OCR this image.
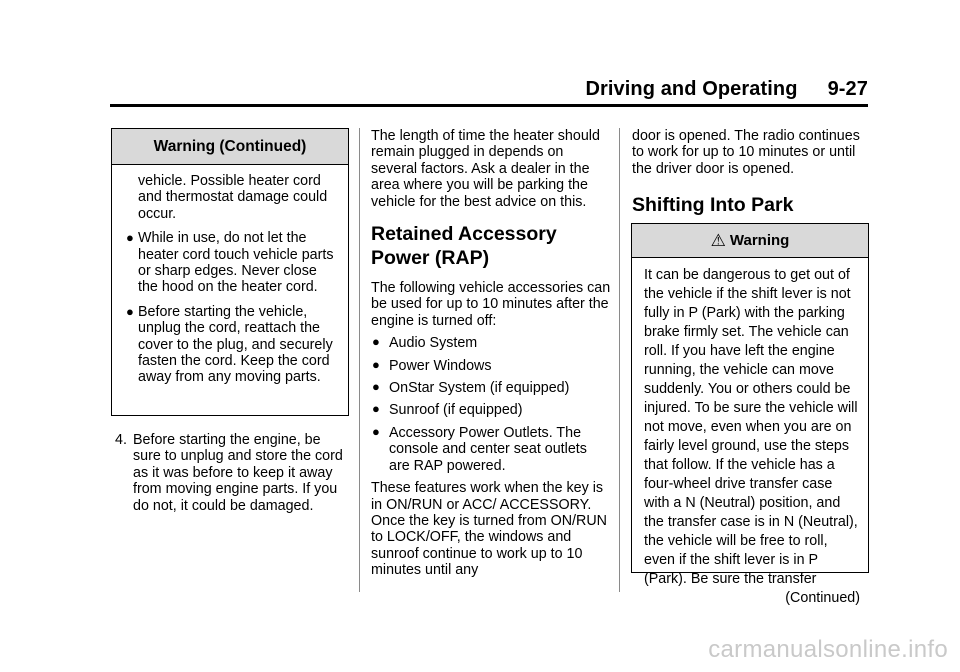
Driving and Operating 9-27
Warning (Continued)

vehicle. Possible heater cord and thermostat damage could occur.

● While in use, do not let the heater cord touch vehicle parts or sharp edges. Never close the hood on the heater cord.
● Before starting the vehicle, unplug the cord, reattach the cover to the plug, and securely fasten the cord. Keep the cord away from any moving parts.
4. Before starting the engine, be sure to unplug and store the cord as it was before to keep it away from moving engine parts. If you do not, it could be damaged.

The length of time the heater should remain plugged in depends on several factors. Ask a dealer in the area where you will be parking the vehicle for the best advice on this.

Retained Accessory Power (RAP)

The following vehicle accessories can be used for up to 10 minutes after the engine is turned off:

● Audio System
● Power Windows
● OnStar System (if equipped)
● Sunroof (if equipped)
● Accessory Power Outlets. The console and center seat outlets are RAP powered.

These features work when the key is in ON/RUN or ACC/ ACCESSORY. Once the key is turned from ON/RUN to LOCK/OFF, the windows and sunroof continue to work up to 10 minutes until any

door is opened. The radio continues to work for up to 10 minutes or until the driver door is opened.

Shifting Into Park
⚠ Warning
It can be dangerous to get out of the vehicle if the shift lever is not fully in P (Park) with the parking brake firmly set. The vehicle can roll. If you have left the engine running, the vehicle can move suddenly. You or others could be injured. To be sure the vehicle will not move, even when you are on fairly level ground, use the steps that follow. If the vehicle has a four-wheel drive transfer case with a N (Neutral) position, and the transfer case is in N (Neutral), the vehicle will be free to roll, even if the shift lever is in P (Park). Be sure the transfer
(Continued)
carmanualsonline.info
